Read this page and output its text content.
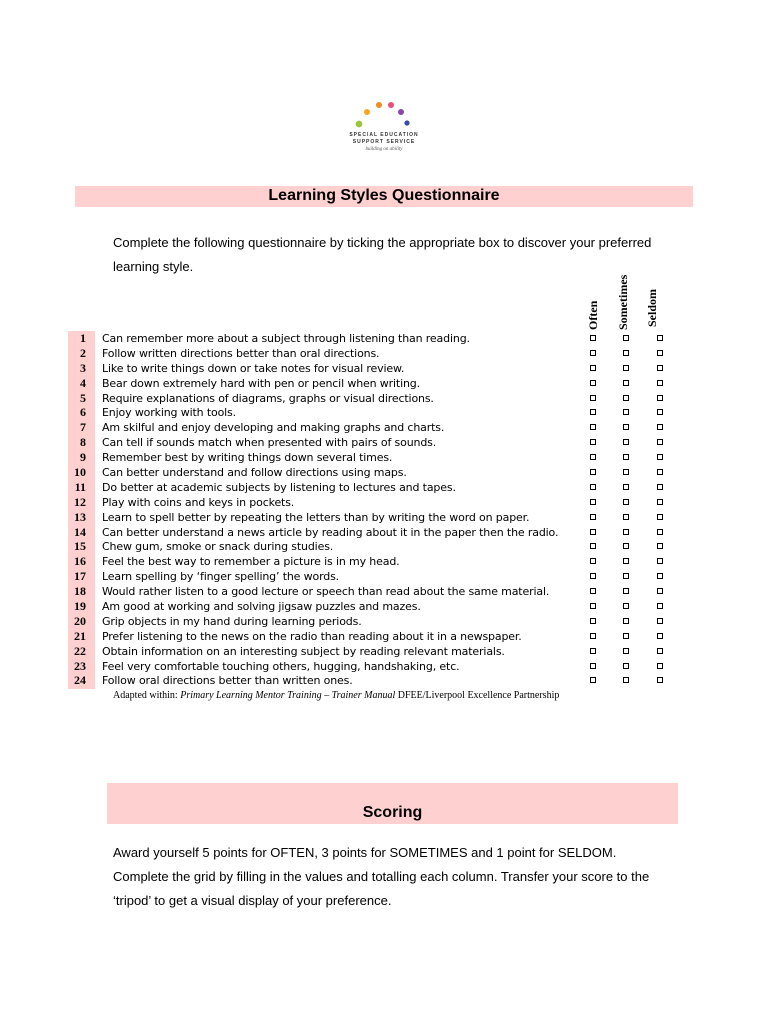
SPECIAL EDUCATION
SUPPORT SERVICE
building on ability
Learning Styles Questionnaire
Complete the following questionnaire by ticking the appropriate box to discover your preferred learning style.
Often Sometimes Seldom
1 Can remember more about a subject through listening than reading.
2 Follow written directions better than oral directions.
3 Like to write things down or take notes for visual review.
4 Bear down extremely hard with pen or pencil when writing.
5 Require explanations of diagrams, graphs or visual directions.
6 Enjoy working with tools.
7 Am skilful and enjoy developing and making graphs and charts.
8 Can tell if sounds match when presented with pairs of sounds.
9 Remember best by writing things down several times.
10 Can better understand and follow directions using maps.
11 Do better at academic subjects by listening to lectures and tapes.
12 Play with coins and keys in pockets.
13 Learn to spell better by repeating the letters than by writing the word on paper.
14 Can better understand a news article by reading about it in the paper then the radio.
15 Chew gum, smoke or snack during studies.
16 Feel the best way to remember a picture is in my head.
17 Learn spelling by ‘finger spelling’ the words.
18 Would rather listen to a good lecture or speech than read about the same material.
19 Am good at working and solving jigsaw puzzles and mazes.
20 Grip objects in my hand during learning periods.
21 Prefer listening to the news on the radio than reading about it in a newspaper.
22 Obtain information on an interesting subject by reading relevant materials.
23 Feel very comfortable touching others, hugging, handshaking, etc.
24 Follow oral directions better than written ones.
Adapted within: Primary Learning Mentor Training – Trainer Manual DFEE/Liverpool Excellence Partnership
Scoring
Award yourself 5 points for OFTEN, 3 points for SOMETIMES and 1 point for SELDOM. Complete the grid by filling in the values and totalling each column. Transfer your score to the ‘tripod’ to get a visual display of your preference.
